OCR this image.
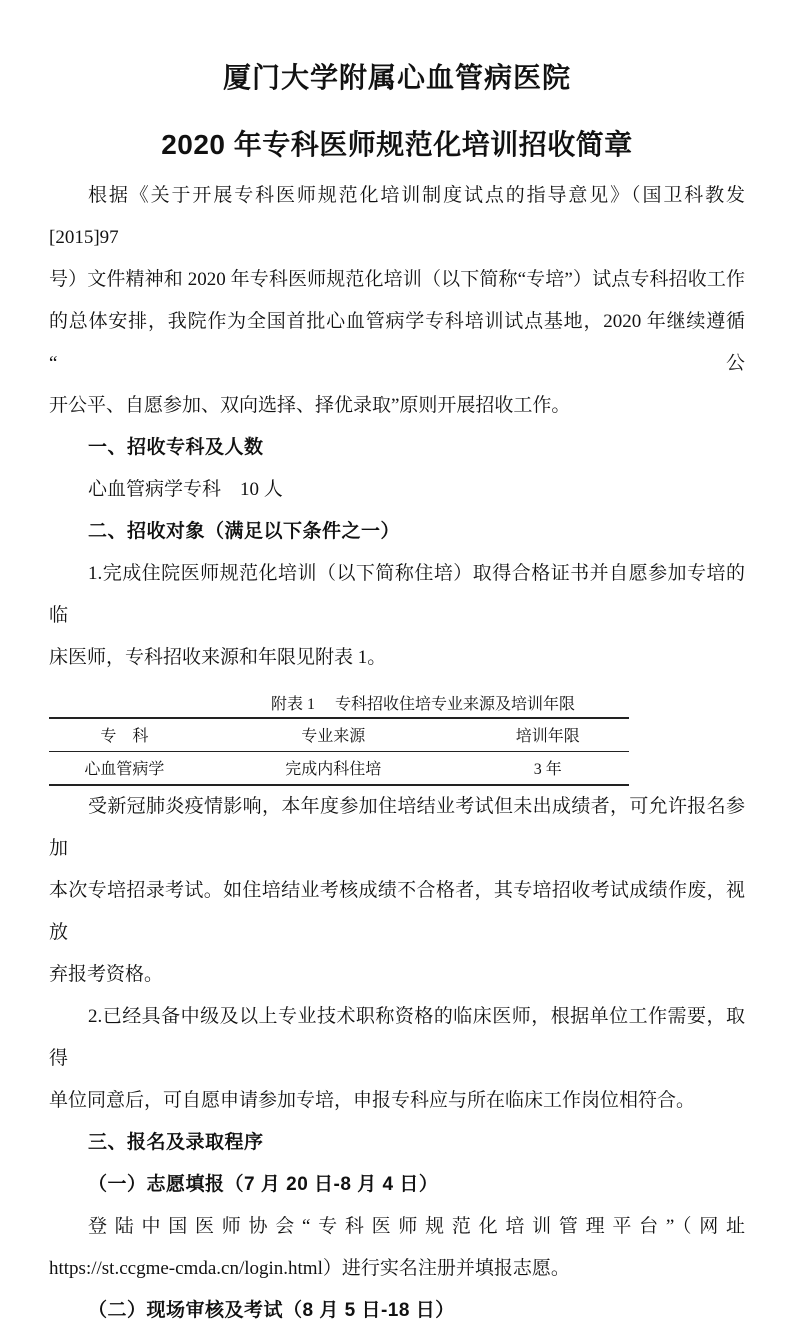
厦门大学附属心血管病医院
2020 年专科医师规范化培训招收简章
根据《关于开展专科医师规范化培训制度试点的指导意见》（国卫科教发[2015]97
号）文件精神和 2020 年专科医师规范化培训（以下简称“专培”）试点专科招收工作
的总体安排，我院作为全国首批心血管病学专科培训试点基地，2020 年继续遵循“公
开公平、自愿参加、双向选择、择优录取”原则开展招收工作。
一、招收专科及人数
心血管病学专科　10 人
二、招收对象（满足以下条件之一）
1.完成住院医师规范化培训（以下简称住培）取得合格证书并自愿参加专培的临
床医师，专科招收来源和年限见附表 1。
附表 1　 专科招收住培专业来源及培训年限
专　科	专业来源	培训年限
心血管病学	完成内科住培	3 年
受新冠肺炎疫情影响，本年度参加住培结业考试但未出成绩者，可允许报名参加
本次专培招录考试。如住培结业考核成绩不合格者，其专培招收考试成绩作废，视放
弃报考资格。
2.已经具备中级及以上专业技术职称资格的临床医师，根据单位工作需要，取得
单位同意后，可自愿申请参加专培，申报专科应与所在临床工作岗位相符合。
三、报名及录取程序
（一）志愿填报（7 月 20 日-8 月 4 日）
登陆中国医师协会“专科医师规范化培训管理平台”（网址
https://st.ccgme-cmda.cn/login.html）进行实名注册并填报志愿。
（二）现场审核及考试（8 月 5 日-18 日）
